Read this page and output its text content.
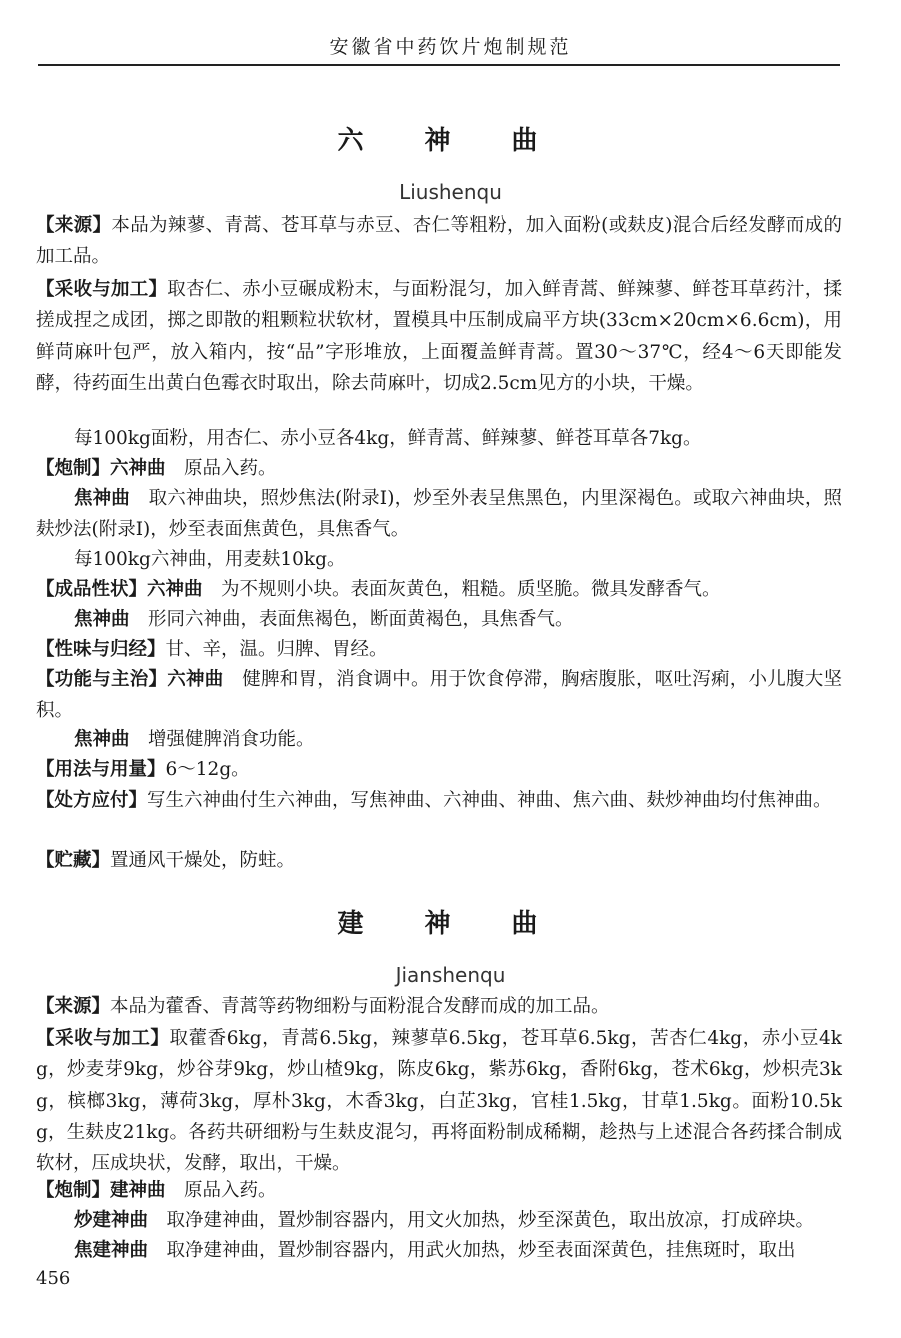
安徽省中药饮片炮制规范
六 神 曲
Liushenqu
【来源】本品为辣蓼、青蒿、苍耳草与赤豆、杏仁等粗粉，加入面粉(或麸皮)混合后经发酵而成的加工品。
【采收与加工】取杏仁、赤小豆碾成粉末，与面粉混匀，加入鲜青蒿、鲜辣蓼、鲜苍耳草药汁，揉搓成捏之成团，掷之即散的粗颗粒状软材，置模具中压制成扁平方块(33cm×20cm×6.6cm)，用鲜苘麻叶包严，放入箱内，按“品”字形堆放，上面覆盖鲜青蒿。置30～37℃，经4～6天即能发酵，待药面生出黄白色霉衣时取出，除去苘麻叶，切成2.5cm见方的小块，干燥。
每100kg面粉，用杏仁、赤小豆各4kg，鲜青蒿、鲜辣蓼、鲜苍耳草各7kg。
【炮制】六神曲　原品入药。
焦神曲　取六神曲块，照炒焦法(附录Ⅰ)，炒至外表呈焦黑色，内里深褐色。或取六神曲块，照麸炒法(附录Ⅰ)，炒至表面焦黄色，具焦香气。
每100kg六神曲，用麦麸10kg。
【成品性状】六神曲　为不规则小块。表面灰黄色，粗糙。质坚脆。微具发酵香气。
焦神曲　形同六神曲，表面焦褐色，断面黄褐色，具焦香气。
【性味与归经】甘、辛，温。归脾、胃经。
【功能与主治】六神曲　健脾和胃，消食调中。用于饮食停滞，胸痞腹胀，呕吐泻痢，小儿腹大坚积。
焦神曲　增强健脾消食功能。
【用法与用量】6～12g。
【处方应付】写生六神曲付生六神曲，写焦神曲、六神曲、神曲、焦六曲、麸炒神曲均付焦神曲。
【贮藏】置通风干燥处，防蛀。
建 神 曲
Jianshenqu
【来源】本品为藿香、青蒿等药物细粉与面粉混合发酵而成的加工品。
【采收与加工】取藿香6kg，青蒿6.5kg，辣蓼草6.5kg，苍耳草6.5kg，苦杏仁4kg，赤小豆4kg，炒麦芽9kg，炒谷芽9kg，炒山楂9kg，陈皮6kg，紫苏6kg，香附6kg，苍术6kg，炒枳壳3kg，槟榔3kg，薄荷3kg，厚朴3kg，木香3kg，白芷3kg，官桂1.5kg，甘草1.5kg。面粉10.5kg，生麸皮21kg。各药共研细粉与生麸皮混匀，再将面粉制成稀糊，趁热与上述混合各药揉合制成软材，压成块状，发酵，取出，干燥。
【炮制】建神曲　原品入药。
炒建神曲　取净建神曲，置炒制容器内，用文火加热，炒至深黄色，取出放凉，打成碎块。
焦建神曲　取净建神曲，置炒制容器内，用武火加热，炒至表面深黄色，挂焦斑时，取出
456
